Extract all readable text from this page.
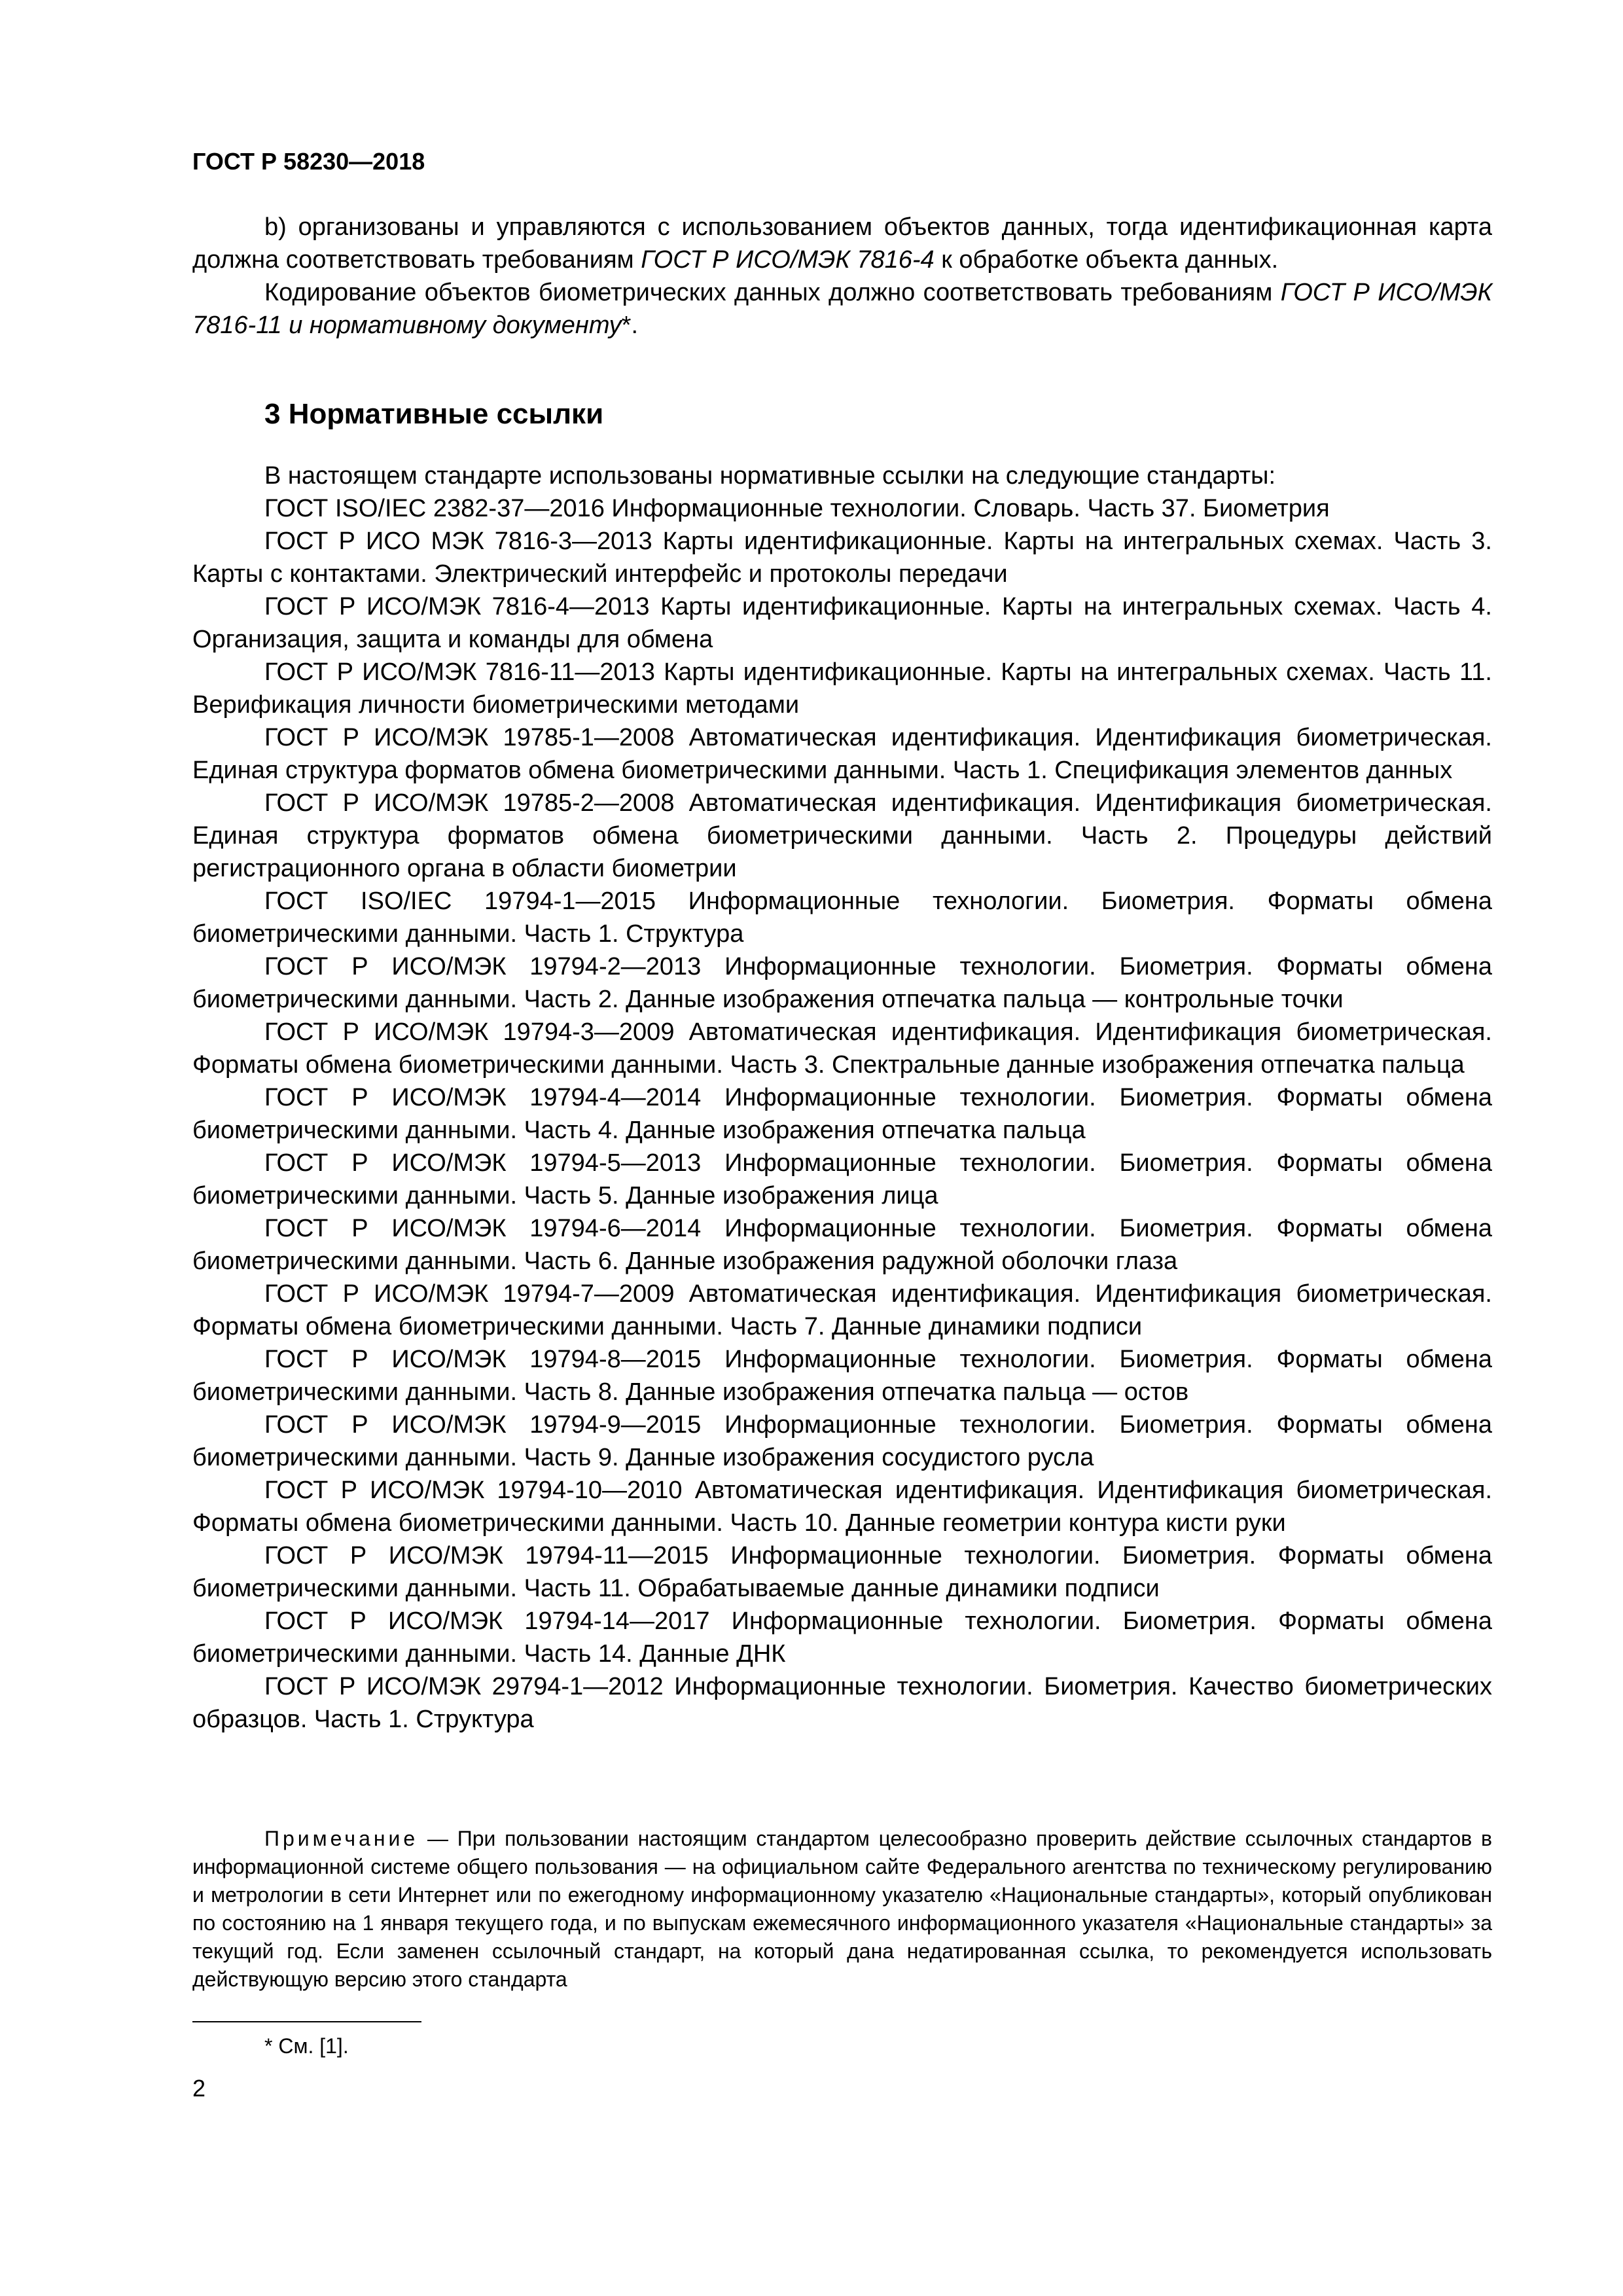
ГОСТ Р 58230—2018

b) организованы и управляются с использованием объектов данных, тогда идентификационная карта должна соответствовать требованиям ГОСТ Р ИСО/МЭК 7816-4 к обработке объекта данных.

Кодирование объектов биометрических данных должно соответствовать требованиям ГОСТ Р ИСО/МЭК 7816-11 и нормативному документу*.

3 Нормативные ссылки

В настоящем стандарте использованы нормативные ссылки на следующие стандарты:

ГОСТ ISO/IEC 2382-37—2016 Информационные технологии. Словарь. Часть 37. Биометрия

ГОСТ Р ИСО МЭК 7816-3—2013 Карты идентификационные. Карты на интегральных схемах. Часть 3. Карты с контактами. Электрический интерфейс и протоколы передачи

ГОСТ Р ИСО/МЭК 7816-4—2013 Карты идентификационные. Карты на интегральных схемах. Часть 4. Организация, защита и команды для обмена

ГОСТ Р ИСО/МЭК 7816-11—2013 Карты идентификационные. Карты на интегральных схемах. Часть 11. Верификация личности биометрическими методами

ГОСТ Р ИСО/МЭК 19785-1—2008 Автоматическая идентификация. Идентификация биометрическая. Единая структура форматов обмена биометрическими данными. Часть 1. Спецификация элементов данных

ГОСТ Р ИСО/МЭК 19785-2—2008 Автоматическая идентификация. Идентификация биометрическая. Единая структура форматов обмена биометрическими данными. Часть 2. Процедуры действий регистрационного органа в области биометрии

ГОСТ ISO/IEC 19794-1—2015 Информационные технологии. Биометрия. Форматы обмена биометрическими данными. Часть 1. Структура

ГОСТ Р ИСО/МЭК 19794-2—2013 Информационные технологии. Биометрия. Форматы обмена биометрическими данными. Часть 2. Данные изображения отпечатка пальца — контрольные точки

ГОСТ Р ИСО/МЭК 19794-3—2009 Автоматическая идентификация. Идентификация биометрическая. Форматы обмена биометрическими данными. Часть 3. Спектральные данные изображения отпечатка пальца

ГОСТ Р ИСО/МЭК 19794-4—2014 Информационные технологии. Биометрия. Форматы обмена биометрическими данными. Часть 4. Данные изображения отпечатка пальца

ГОСТ Р ИСО/МЭК 19794-5—2013 Информационные технологии. Биометрия. Форматы обмена биометрическими данными. Часть 5. Данные изображения лица

ГОСТ Р ИСО/МЭК 19794-6—2014 Информационные технологии. Биометрия. Форматы обмена биометрическими данными. Часть 6. Данные изображения радужной оболочки глаза

ГОСТ Р ИСО/МЭК 19794-7—2009 Автоматическая идентификация. Идентификация биометрическая. Форматы обмена биометрическими данными. Часть 7. Данные динамики подписи

ГОСТ Р ИСО/МЭК 19794-8—2015 Информационные технологии. Биометрия. Форматы обмена биометрическими данными. Часть 8. Данные изображения отпечатка пальца — остов

ГОСТ Р ИСО/МЭК 19794-9—2015 Информационные технологии. Биометрия. Форматы обмена биометрическими данными. Часть 9. Данные изображения сосудистого русла

ГОСТ Р ИСО/МЭК 19794-10—2010 Автоматическая идентификация. Идентификация биометрическая. Форматы обмена биометрическими данными. Часть 10. Данные геометрии контура кисти руки

ГОСТ Р ИСО/МЭК 19794-11—2015 Информационные технологии. Биометрия. Форматы обмена биометрическими данными. Часть 11. Обрабатываемые данные динамики подписи

ГОСТ Р ИСО/МЭК 19794-14—2017 Информационные технологии. Биометрия. Форматы обмена биометрическими данными. Часть 14. Данные ДНК

ГОСТ Р ИСО/МЭК 29794-1—2012 Информационные технологии. Биометрия. Качество биометрических образцов. Часть 1. Структура

Примечание — При пользовании настоящим стандартом целесообразно проверить действие ссылочных стандартов в информационной системе общего пользования — на официальном сайте Федерального агентства по техническому регулированию и метрологии в сети Интернет или по ежегодному информационному указателю «Национальные стандарты», который опубликован по состоянию на 1 января текущего года, и по выпускам ежемесячного информационного указателя «Национальные стандарты» за текущий год. Если заменен ссылочный стандарт, на который дана недатированная ссылка, то рекомендуется использовать действующую версию этого стандарта

* См. [1].
2
